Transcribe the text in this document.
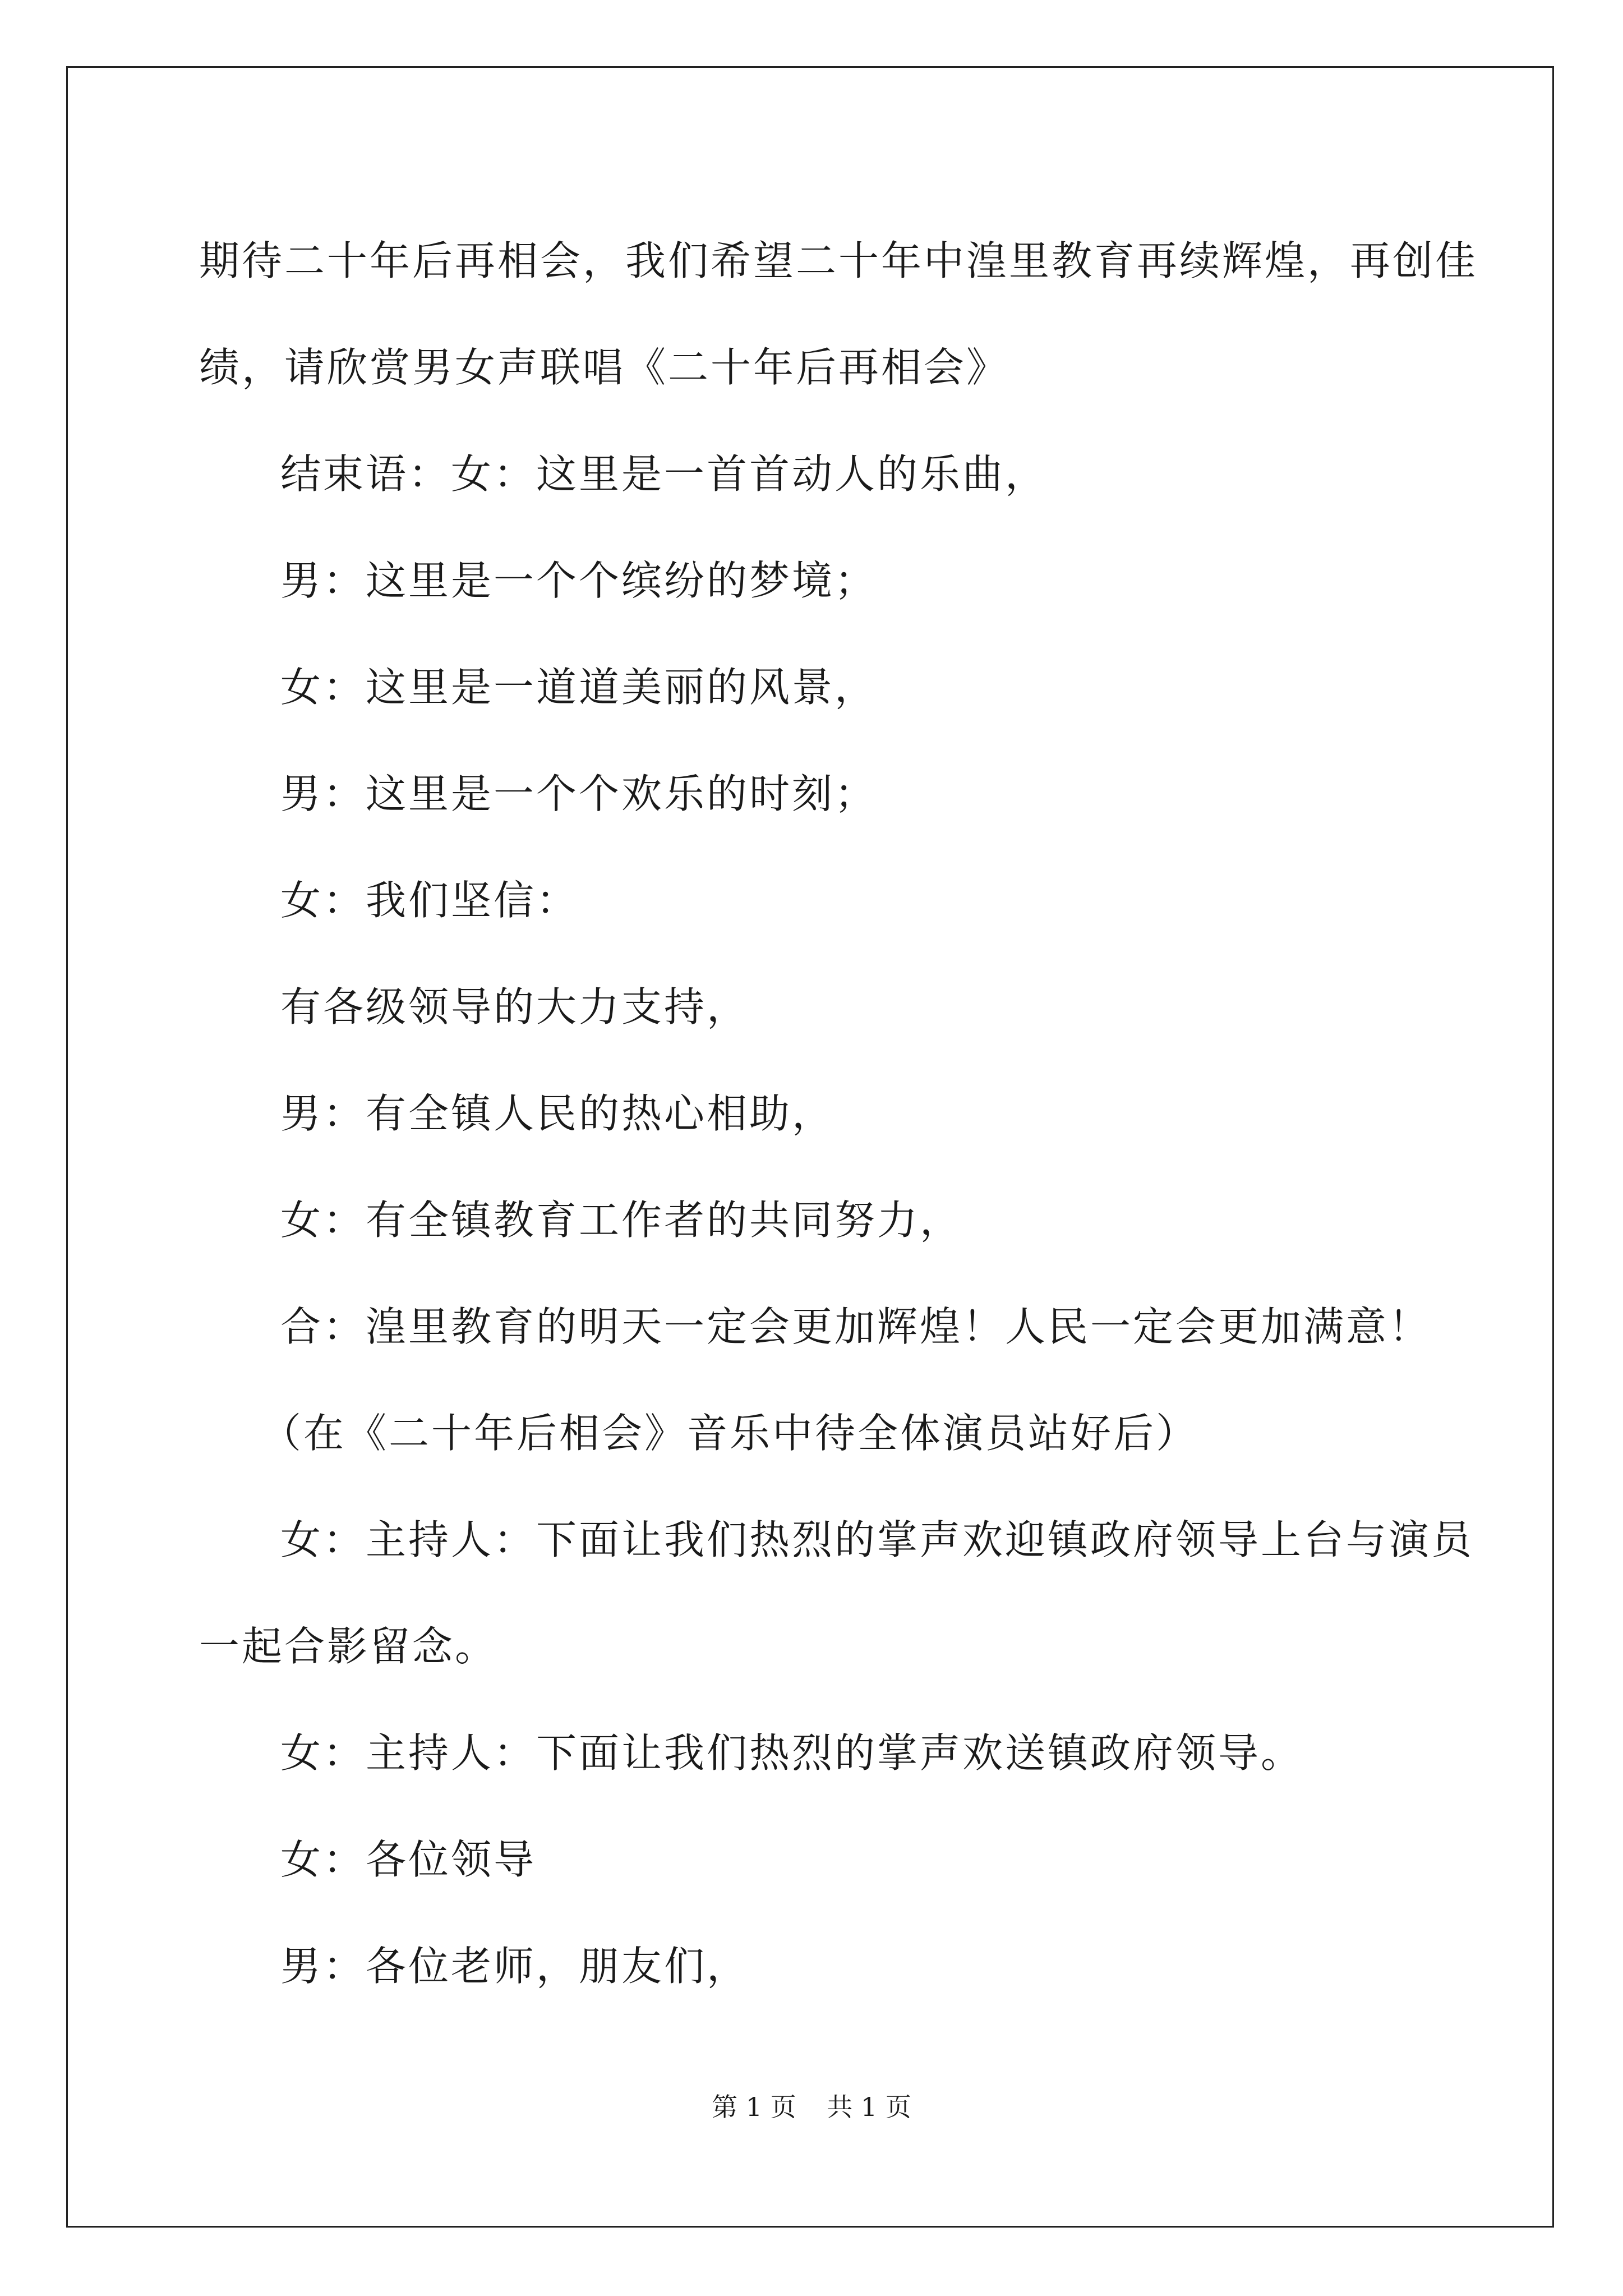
期待二十年后再相会，我们希望二十年中湟里教育再续辉煌，再创佳

绩，请欣赏男女声联唱《二十年后再相会》

结束语：女：这里是一首首动人的乐曲，

男：这里是一个个缤纷的梦境；

女：这里是一道道美丽的风景，

男：这里是一个个欢乐的时刻；

女：我们坚信：

有各级领导的大力支持，

男：有全镇人民的热心相助，

女：有全镇教育工作者的共同努力，

合：湟里教育的明天一定会更加辉煌！人民一定会更加满意！

（在《二十年后相会》音乐中待全体演员站好后）

女：主持人：下面让我们热烈的掌声欢迎镇政府领导上台与演员

一起合影留念。

女：主持人：下面让我们热烈的掌声欢送镇政府领导。

女：各位领导

男：各位老师，朋友们，

第 1 页 共 1 页
